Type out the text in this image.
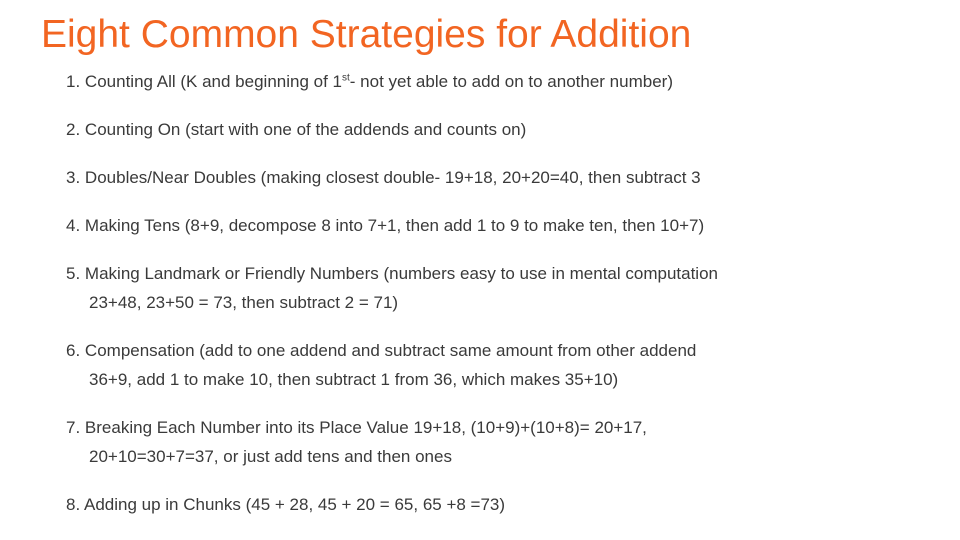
Eight Common Strategies for Addition
1. Counting All (K and beginning of 1st- not yet able to add on to another number)
2. Counting On (start with one of the addends and counts on)
3. Doubles/Near Doubles (making closest double- 19+18, 20+20=40, then subtract 3
4. Making Tens (8+9, decompose 8 into 7+1, then add 1 to 9 to make ten, then 10+7)
5. Making Landmark or Friendly Numbers (numbers easy to use in mental computation
23+48, 23+50 = 73, then subtract 2 = 71)
6. Compensation (add to one addend and subtract same amount from other addend
36+9, add 1 to make 10, then subtract 1 from 36, which makes 35+10)
7. Breaking Each Number into its Place Value 19+18, (10+9)+(10+8)= 20+17,
20+10=30+7=37, or just add tens and then ones
8. Adding up in Chunks (45 + 28, 45 + 20 = 65, 65 +8 =73)
